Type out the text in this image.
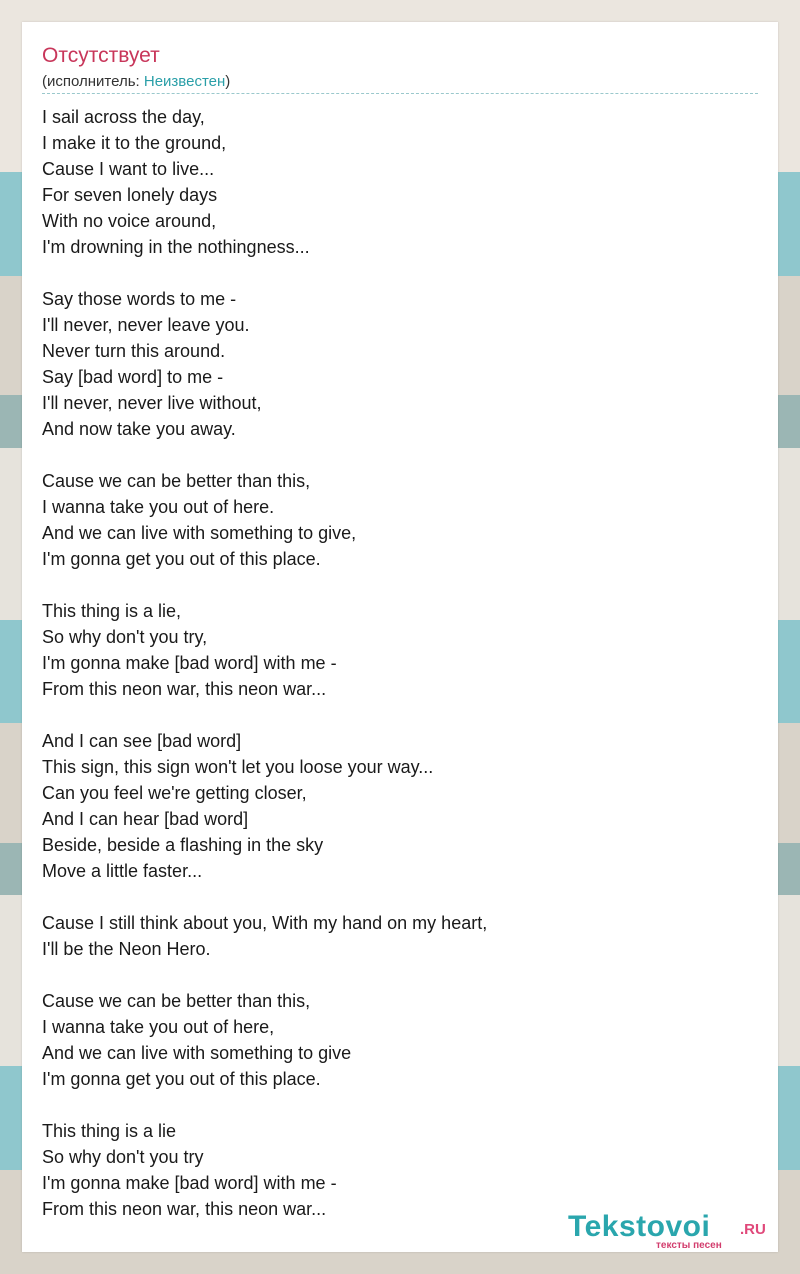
Отсутствует
(исполнитель: Неизвестен)
I sail across the day,
I make it to the ground,
Cause I want to live...
For seven lonely days
With no voice around,
I'm drowning in the nothingness...
Say those words to me -
I'll never, never leave you.
Never turn this around.
Say [bad word] to me -
I'll never, never live without,
And now take you away.
Cause we can be better than this,
I wanna take you out of here.
And we can live with something to give,
I'm gonna get you out of this place.
This thing is a lie,
So why don't you try,
I'm gonna make [bad word] with me -
From this neon war, this neon war...
And I can see [bad word]
This sign, this sign won't let you loose your way...
Can you feel we're getting closer,
And I can hear [bad word]
Beside, beside a flashing in the sky
Move a little faster...
Cause I still think about you, With my hand on my heart,
I'll be the Neon Hero.
Cause we can be better than this,
I wanna take you out of here,
And we can live with something to give
I'm gonna get you out of this place.
This thing is a lie
So why don't you try
I'm gonna make [bad word] with me -
From this neon war, this neon war...
Tekstovoi .RU
тексты песен
